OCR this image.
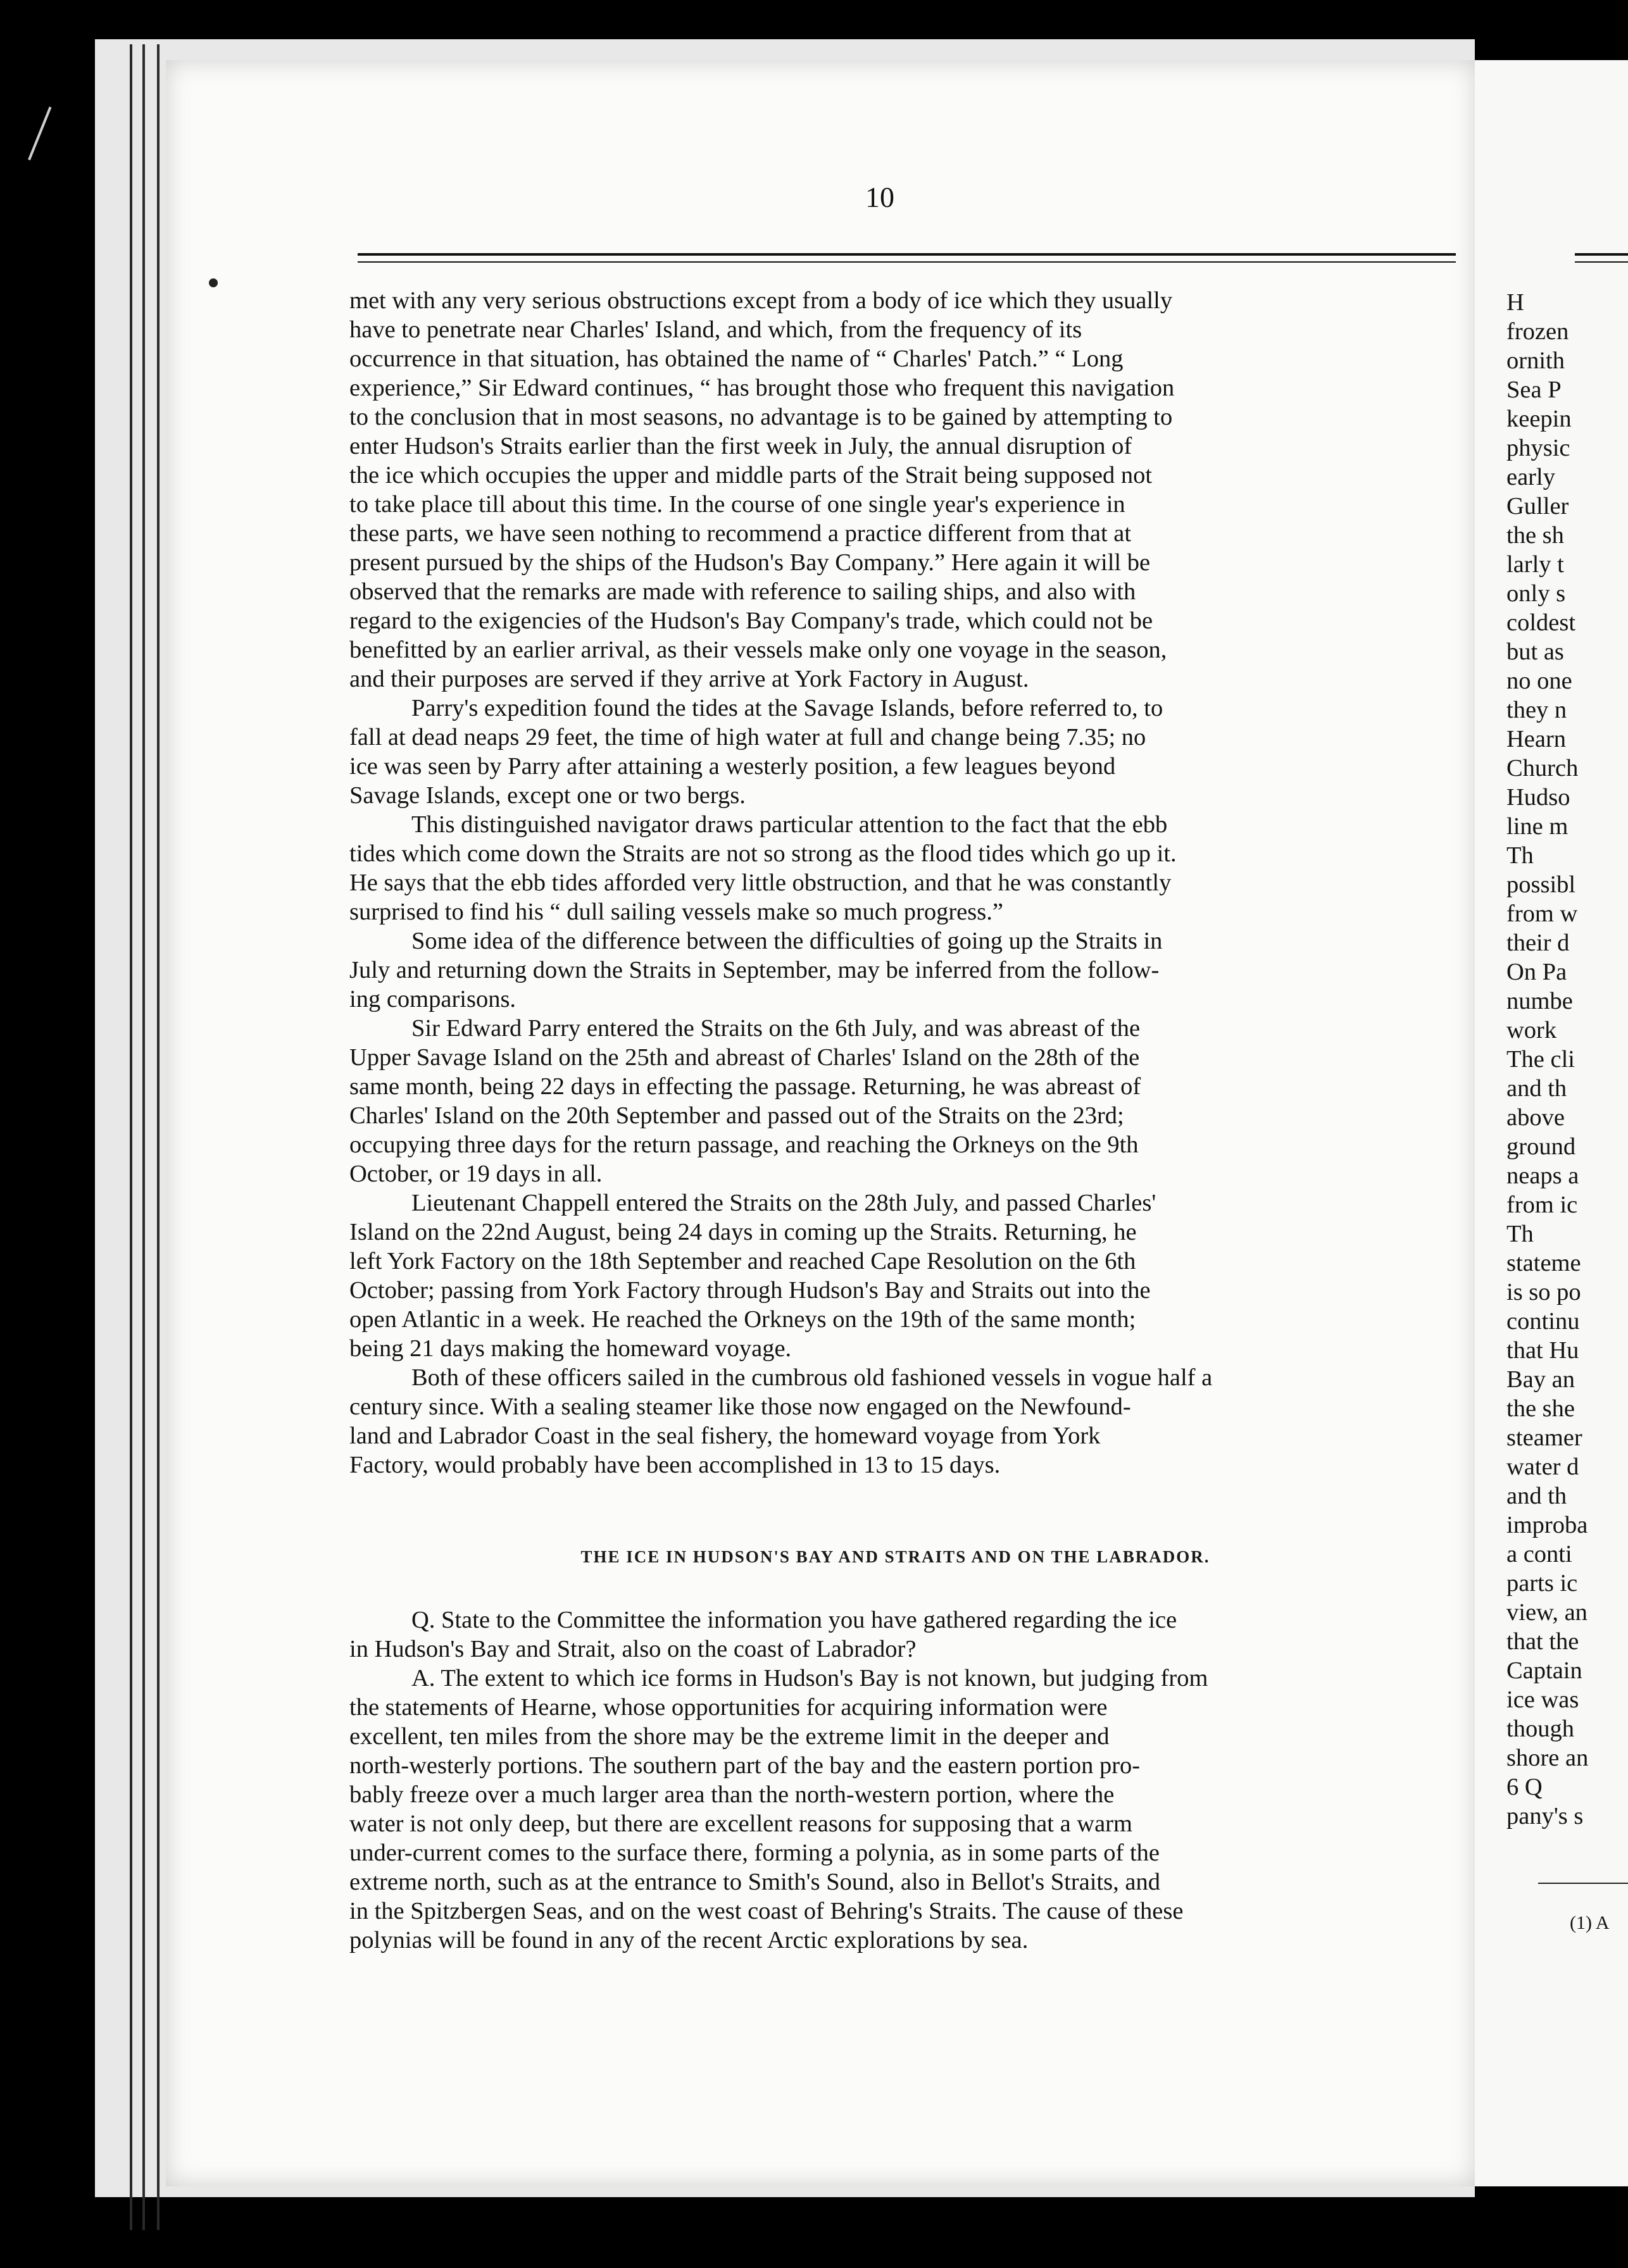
10
met with any very serious obstructions except from a body of ice which they usually
have to penetrate near Charles' Island, and which, from the frequency of its
occurrence in that situation, has obtained the name of “ Charles' Patch.” “ Long
experience,” Sir Edward continues, “ has brought those who frequent this navigation
to the conclusion that in most seasons, no advantage is to be gained by attempting to
enter Hudson's Straits earlier than the first week in July, the annual disruption of
the ice which occupies the upper and middle parts of the Strait being supposed not
to take place till about this time. In the course of one single year's experience in
these parts, we have seen nothing to recommend a practice different from that at
present pursued by the ships of the Hudson's Bay Company.” Here again it will be
observed that the remarks are made with reference to sailing ships, and also with
regard to the exigencies of the Hudson's Bay Company's trade, which could not be
benefitted by an earlier arrival, as their vessels make only one voyage in the season,
and their purposes are served if they arrive at York Factory in August.
Parry's expedition found the tides at the Savage Islands, before referred to, to
fall at dead neaps 29 feet, the time of high water at full and change being 7.35; no
ice was seen by Parry after attaining a westerly position, a few leagues beyond
Savage Islands, except one or two bergs.
This distinguished navigator draws particular attention to the fact that the ebb
tides which come down the Straits are not so strong as the flood tides which go up it.
He says that the ebb tides afforded very little obstruction, and that he was constantly
surprised to find his “ dull sailing vessels make so much progress.”
Some idea of the difference between the difficulties of going up the Straits in
July and returning down the Straits in September, may be inferred from the follow-
ing comparisons.
Sir Edward Parry entered the Straits on the 6th July, and was abreast of the
Upper Savage Island on the 25th and abreast of Charles' Island on the 28th of the
same month, being 22 days in effecting the passage. Returning, he was abreast of
Charles' Island on the 20th September and passed out of the Straits on the 23rd;
occupying three days for the return passage, and reaching the Orkneys on the 9th
October, or 19 days in all.
Lieutenant Chappell entered the Straits on the 28th July, and passed Charles'
Island on the 22nd August, being 24 days in coming up the Straits. Returning, he
left York Factory on the 18th September and reached Cape Resolution on the 6th
October; passing from York Factory through Hudson's Bay and Straits out into the
open Atlantic in a week. He reached the Orkneys on the 19th of the same month;
being 21 days making the homeward voyage.
Both of these officers sailed in the cumbrous old fashioned vessels in vogue half a
century since. With a sealing steamer like those now engaged on the Newfound-
land and Labrador Coast in the seal fishery, the homeward voyage from York
Factory, would probably have been accomplished in 13 to 15 days.
THE ICE IN HUDSON'S BAY AND STRAITS AND ON THE LABRADOR.
Q. State to the Committee the information you have gathered regarding the ice
in Hudson's Bay and Strait, also on the coast of Labrador?
A. The extent to which ice forms in Hudson's Bay is not known, but judging from
the statements of Hearne, whose opportunities for acquiring information were
excellent, ten miles from the shore may be the extreme limit in the deeper and
north-westerly portions. The southern part of the bay and the eastern portion pro-
bably freeze over a much larger area than the north-western portion, where the
water is not only deep, but there are excellent reasons for supposing that a warm
under-current comes to the surface there, forming a polynia, as in some parts of the
extreme north, such as at the entrance to Smith's Sound, also in Bellot's Straits, and
in the Spitzbergen Seas, and on the west coast of Behring's Straits. The cause of these
polynias will be found in any of the recent Arctic explorations by sea.
H
frozen
ornith
Sea P
keepin
physic
early
Guller
the sh
larly t
only s
coldest
but as
no one
they n
Hearn
Church
Hudso
line m
Th
possibl
from w
their d
On Pa
numbe
work
The cli
and th
above
ground
neaps a
from ic
Th
stateme
is so po
continu
that Hu
Bay an
the she
steamer
water d
and th
improba
a conti
parts ic
view, an
that the
Captain
ice was
though
shore an
6 Q
pany's s
(1) A
